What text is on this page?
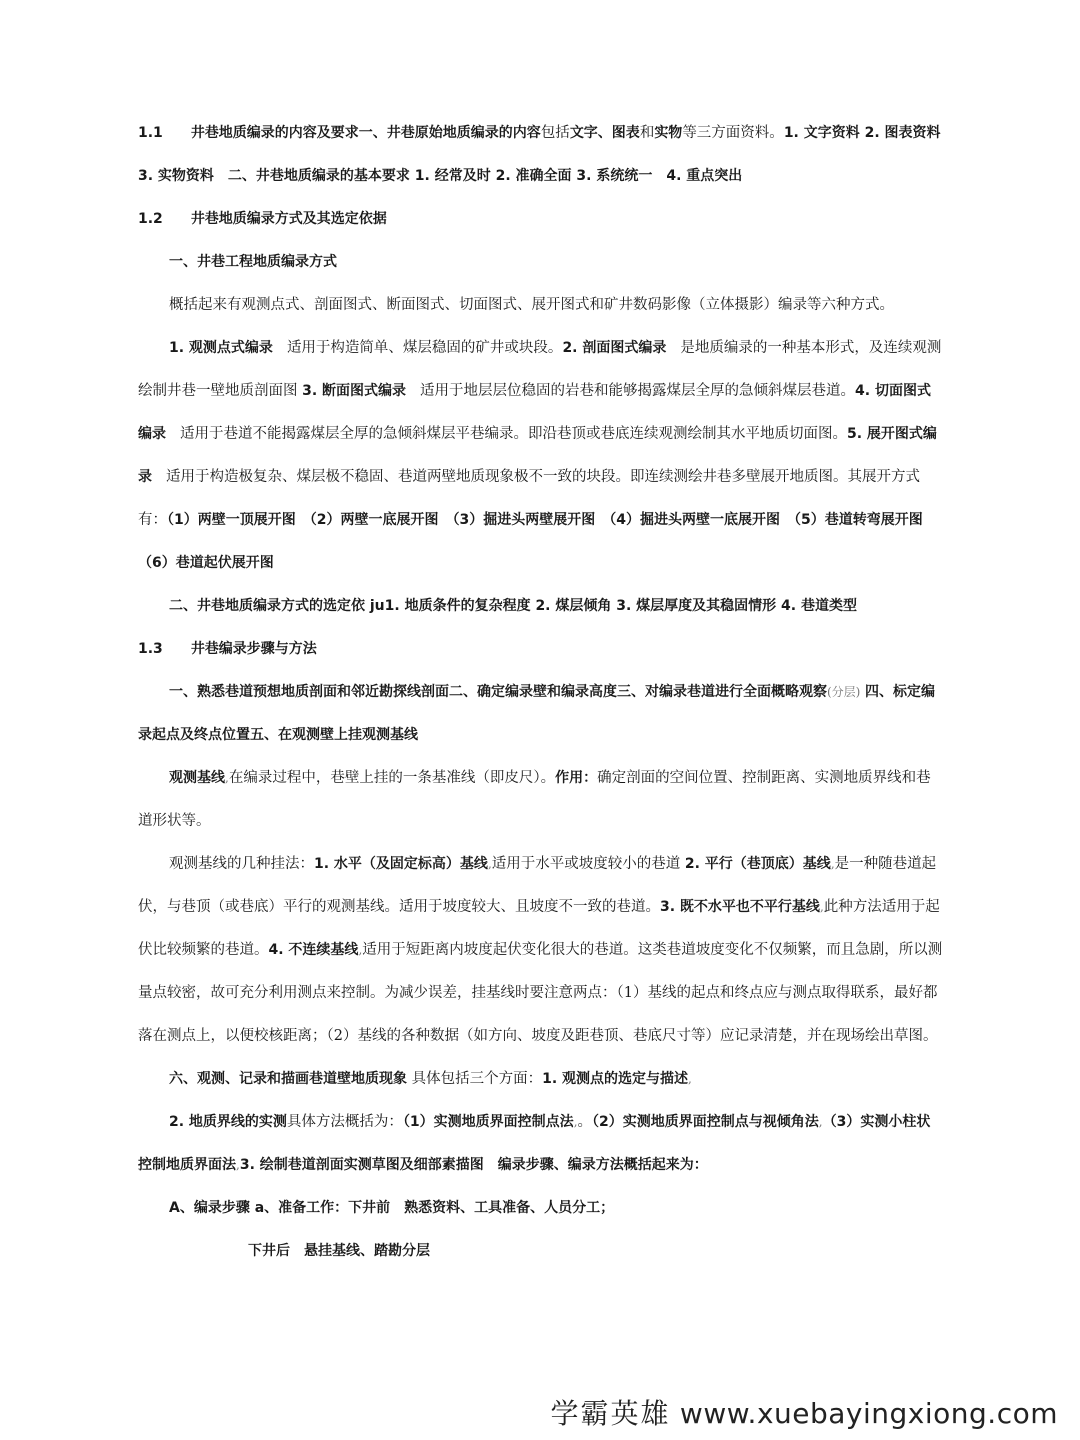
1.1 井巷地质编录的内容及要求一、井巷原始地质编录的内容包括文字、图表和实物等三方面资料。1. 文字资料 2. 图表资料　3. 实物资料　二、井巷地质编录的基本要求 1. 经常及时 2. 准确全面 3. 系统统一　4. 重点突出

1.2 井巷地质编录方式及其选定依据

一、井巷工程地质编录方式

概括起来有观测点式、剖面图式、断面图式、切面图式、展开图式和矿井数码影像（立体摄影）编录等六种方式。

1. 观测点式编录 适用于构造简单、煤层稳固的矿井或块段。2. 剖面图式编录 是地质编录的一种基本形式，及连续观测绘制井巷一壁地质剖面图 3. 断面图式编录 适用于地层层位稳固的岩巷和能够揭露煤层全厚的急倾斜煤层巷道。4. 切面图式编录 适用于巷道不能揭露煤层全厚的急倾斜煤层平巷编录。即沿巷顶或巷底连续观测绘制其水平地质切面图。5. 展开图式编录 适用于构造极复杂、煤层极不稳固、巷道两壁地质现象极不一致的块段。即连续测绘井巷多壁展开地质图。其展开方式有：（1）两壁一顶展开图　（2）两壁一底展开图　（3）掘进头两壁展开图　（4）掘进头两壁一底展开图　（5）巷道转弯展开图　（6）巷道起伏展开图

二、井巷地质编录方式的选定依 ju1. 地质条件的复杂程度 2. 煤层倾角 3. 煤层厚度及其稳固情形 4. 巷道类型

1.3 井巷编录步骤与方法

一、熟悉巷道预想地质剖面和邻近勘探线剖面二、确定编录壁和编录高度三、对编录巷道进行全面概略观察(分层) 四、标定编录起点及终点位置五、在观测壁上挂观测基线

观测基线,在编录过程中，巷壁上挂的一条基准线（即皮尺）。作用：确定剖面的空间位置、控制距离、实测地质界线和巷道形状等。

观测基线的几种挂法：1. 水平（及固定标高）基线,适用于水平或坡度较小的巷道 2. 平行（巷顶底）基线,是一种随巷道起伏，与巷顶（或巷底）平行的观测基线。适用于坡度较大、且坡度不一致的巷道。3. 既不水平也不平行基线,此种方法适用于起伏比较频繁的巷道。4. 不连续基线,适用于短距离内坡度起伏变化很大的巷道。这类巷道坡度变化不仅频繁，而且急剧，所以测量点较密，故可充分利用测点来控制。为减少误差，挂基线时要注意两点：（1）基线的起点和终点应与测点取得联系，最好都落在测点上，以便校核距离；（2）基线的各种数据（如方向、坡度及距巷顶、巷底尺寸等）应记录清楚，并在现场绘出草图。

六、观测、记录和描画巷道壁地质现象 具体包括三个方面：1. 观测点的选定与描述,

2. 地质界线的实测具体方法概括为：（1）实测地质界面控制点法,。（2）实测地质界面控制点与视倾角法,（3）实测小柱状控制地质界面法,3. 绘制巷道剖面实测草图及细部素描图　编录步骤、编录方法概括起来为：

A、编录步骤 a、准备工作：下井前　熟悉资料、工具准备、人员分工；

下井后　悬挂基线、踏勘分层

学霸英雄 www.xuebayingxiong.com
